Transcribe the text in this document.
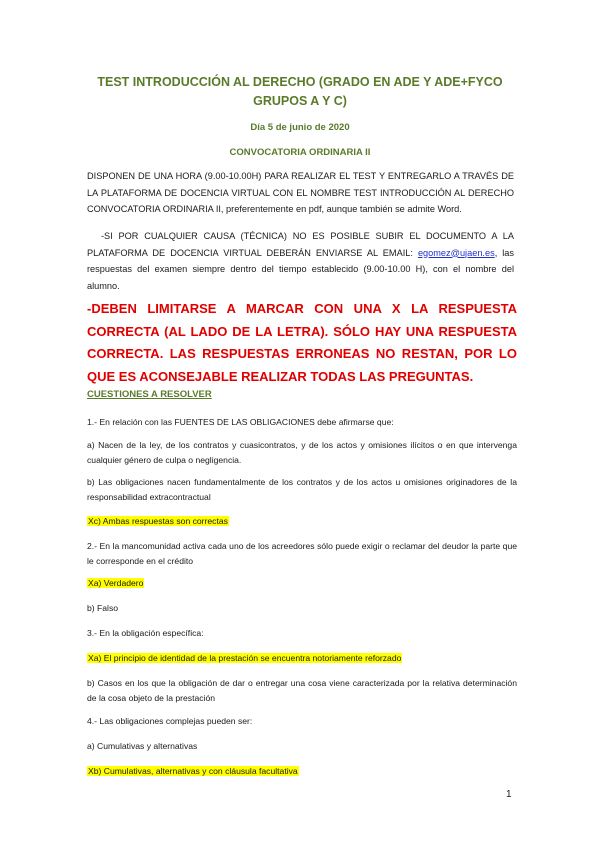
TEST INTRODUCCIÓN AL DERECHO (GRADO EN ADE Y ADE+FYCO
GRUPOS A Y C)
Día 5 de junio de 2020
CONVOCATORIA ORDINARIA II
DISPONEN DE UNA HORA (9.00-10.00H) PARA REALIZAR EL TEST Y ENTREGARLO A TRAVÉS DE LA PLATAFORMA DE DOCENCIA VIRTUAL CON EL NOMBRE TEST INTRODUCCIÓN AL DERECHO CONVOCATORIA ORDINARIA II, preferentemente en pdf, aunque también se admite Word.
-SI POR CUALQUIER CAUSA (TÉCNICA) NO ES POSIBLE SUBIR EL DOCUMENTO A LA PLATAFORMA DE DOCENCIA VIRTUAL DEBERÁN ENVIARSE AL EMAIL: egomez@ujaen.es, las respuestas del examen siempre dentro del tiempo establecido (9.00-10.00 H), con el nombre del alumno.
-DEBEN LIMITARSE A MARCAR CON UNA X LA RESPUESTA CORRECTA (AL LADO DE LA LETRA). SÓLO HAY UNA RESPUESTA CORRECTA. LAS RESPUESTAS ERRONEAS NO RESTAN, POR LO QUE ES ACONSEJABLE REALIZAR TODAS LAS PREGUNTAS.
CUESTIONES A RESOLVER
1.- En relación con las FUENTES DE LAS OBLIGACIONES debe afirmarse que:
a) Nacen de la ley, de los contratos y cuasicontratos, y de los actos y omisiones ilícitos o en que intervenga cualquier género de culpa o negligencia.
b) Las obligaciones nacen fundamentalmente de los contratos y de los actos u omisiones originadores de la responsabilidad extracontractual
Xc) Ambas respuestas son correctas
2.- En la mancomunidad activa cada uno de los acreedores sólo puede exigir o reclamar del deudor la parte que le corresponde en el crédito
Xa) Verdadero
b) Falso
3.- En la obligación específica:
Xa) El principio de identidad de la prestación se encuentra notoriamente reforzado
b) Casos en los que la obligación de dar o entregar una cosa viene caracterizada por la relativa determinación de la cosa objeto de la prestación
4.- Las obligaciones complejas pueden ser:
a) Cumulativas y alternativas
Xb) Cumulativas, alternativas y con cláusula facultativa
1
